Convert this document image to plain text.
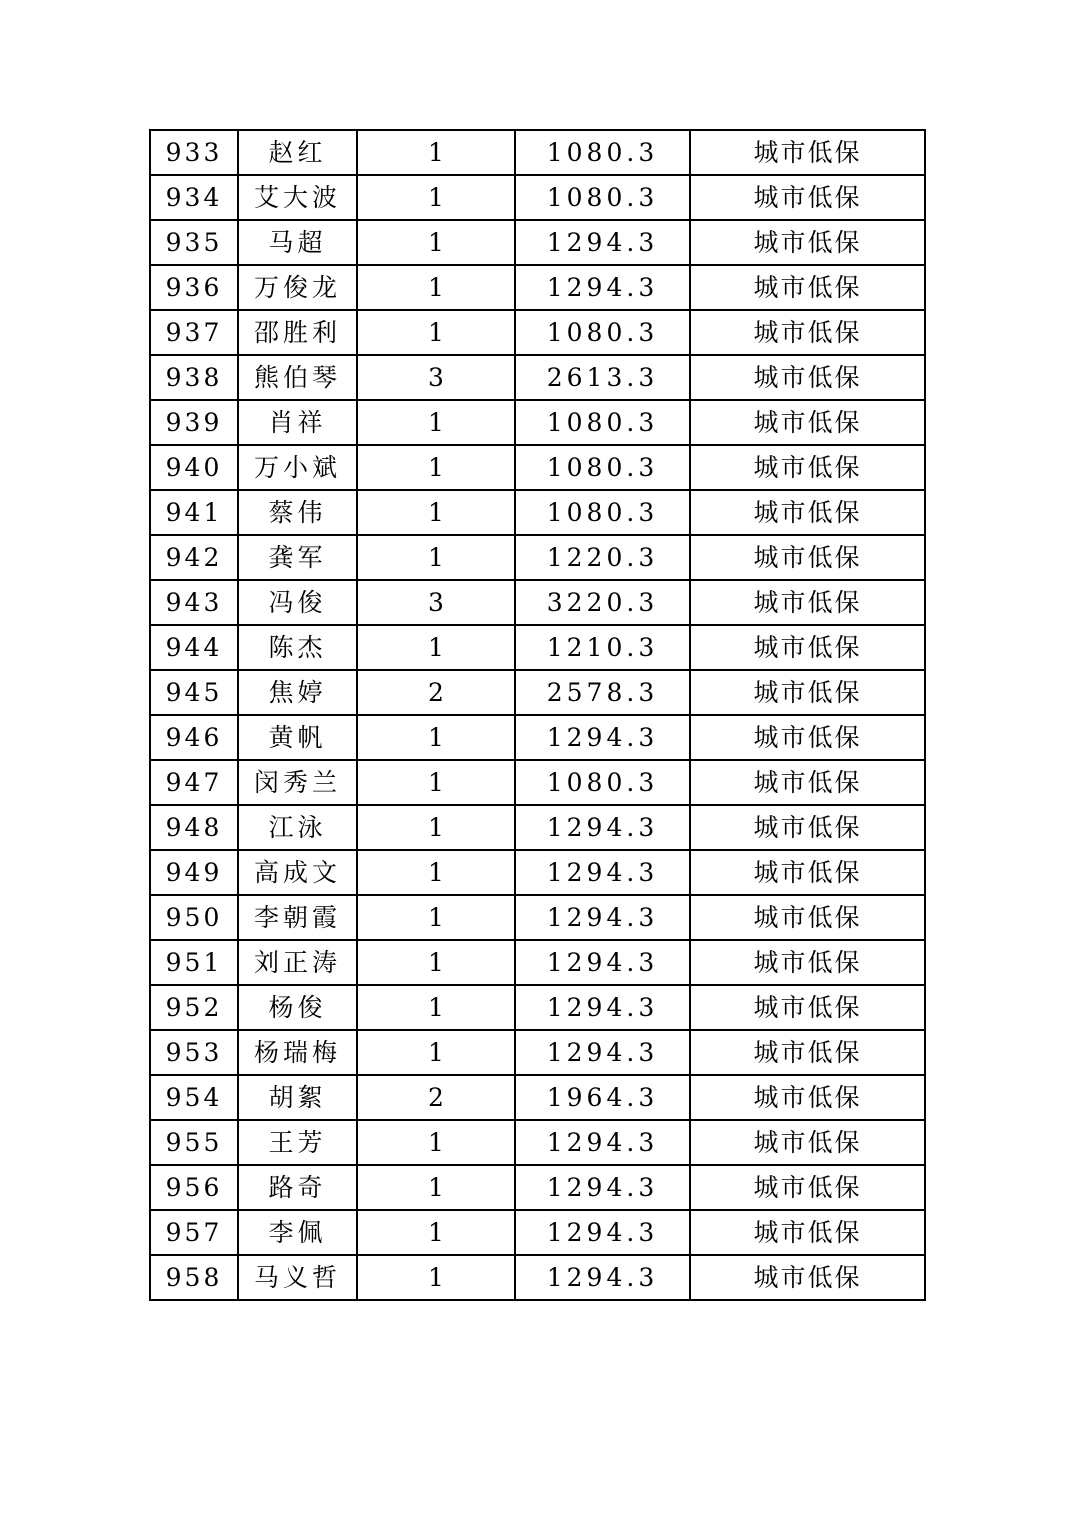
933	赵红	1	1080.3	城市低保
934	艾大波	1	1080.3	城市低保
935	马超	1	1294.3	城市低保
936	万俊龙	1	1294.3	城市低保
937	邵胜利	1	1080.3	城市低保
938	熊伯琴	3	2613.3	城市低保
939	肖祥	1	1080.3	城市低保
940	万小斌	1	1080.3	城市低保
941	蔡伟	1	1080.3	城市低保
942	龚军	1	1220.3	城市低保
943	冯俊	3	3220.3	城市低保
944	陈杰	1	1210.3	城市低保
945	焦婷	2	2578.3	城市低保
946	黄帆	1	1294.3	城市低保
947	闵秀兰	1	1080.3	城市低保
948	江泳	1	1294.3	城市低保
949	高成文	1	1294.3	城市低保
950	李朝霞	1	1294.3	城市低保
951	刘正涛	1	1294.3	城市低保
952	杨俊	1	1294.3	城市低保
953	杨瑞梅	1	1294.3	城市低保
954	胡絮	2	1964.3	城市低保
955	王芳	1	1294.3	城市低保
956	路奇	1	1294.3	城市低保
957	李佩	1	1294.3	城市低保
958	马义哲	1	1294.3	城市低保
